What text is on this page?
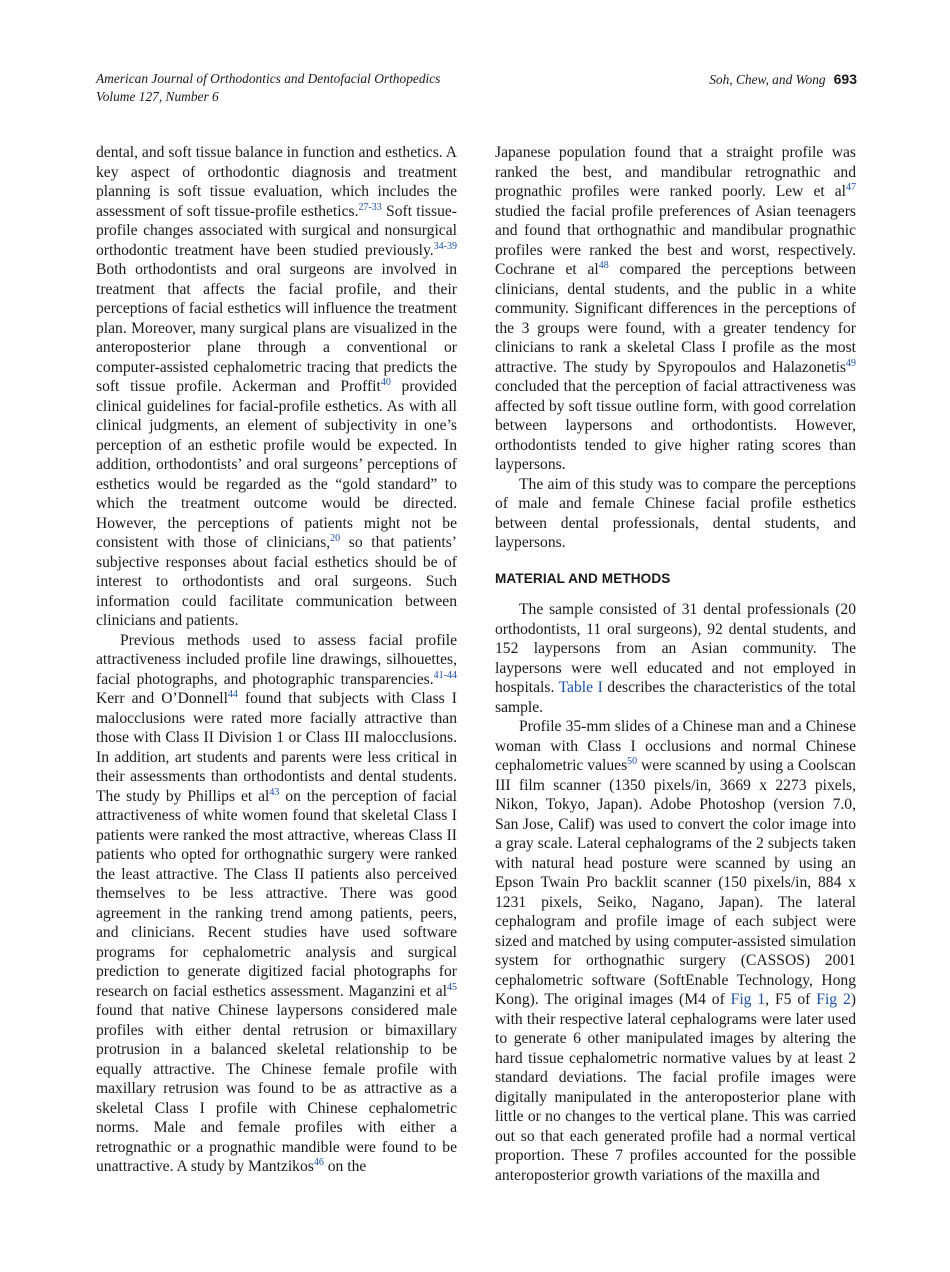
American Journal of Orthodontics and Dentofacial Orthopedics
Volume 127, Number 6
Soh, Chew, and Wong 693

dental, and soft tissue balance in function and esthetics. A key aspect of orthodontic diagnosis and treatment planning is soft tissue evaluation, which includes the assessment of soft tissue-profile esthetics.$^{27-33}$ Soft tissue-profile changes associated with surgical and nonsurgical orthodontic treatment have been studied previously.$^{34-39}$ Both orthodontists and oral surgeons are involved in treatment that affects the facial profile, and their perceptions of facial esthetics will influence the treatment plan. Moreover, many surgical plans are visualized in the anteroposterior plane through a conventional or computer-assisted cephalometric tracing that predicts the soft tissue profile. Ackerman and Proffit$^{40}$ provided clinical guidelines for facial-profile esthetics. As with all clinical judgments, an element of subjectivity in one’s perception of an esthetic profile would be expected. In addition, orthodontists’ and oral surgeons’ perceptions of esthetics would be regarded as the “gold standard” to which the treatment outcome would be directed. However, the perceptions of patients might not be consistent with those of clinicians,$^{20}$ so that patients’ subjective responses about facial esthetics should be of interest to orthodontists and oral surgeons. Such information could facilitate communication between clinicians and patients.

Previous methods used to assess facial profile attractiveness included profile line drawings, silhouettes, facial photographs, and photographic transparencies.$^{41-44}$ Kerr and O’Donnell$^{44}$ found that subjects with Class I malocclusions were rated more facially attractive than those with Class II Division 1 or Class III malocclusions. In addition, art students and parents were less critical in their assessments than orthodontists and dental students. The study by Phillips et $al^{43}$ on the perception of facial attractiveness of white women found that skeletal Class I patients were ranked the most attractive, whereas Class II patients who opted for orthognathic surgery were ranked the least attractive. The Class II patients also perceived themselves to be less attractive. There was good agreement in the ranking trend among patients, peers, and clinicians. Recent studies have used software programs for cephalometric analysis and surgical prediction to generate digitized facial photographs for research on facial esthetics assessment. Maganzini et $al^{45}$ found that native Chinese laypersons considered male profiles with either dental retrusion or bimaxillary protrusion in a balanced skeletal relationship to be equally attractive. The Chinese female profile with maxillary retrusion was found to be as attractive as a skeletal Class I profile with Chinese cephalometric norms. Male and female profiles with either a retrognathic or a prognathic mandible were found to be unattractive. A study by Mantzikos$^{46}$ on the

Japanese population found that a straight profile was ranked the best, and mandibular retrognathic and prognathic profiles were ranked poorly. Lew et $al^{47}$ studied the facial profile preferences of Asian teenagers and found that orthognathic and mandibular prognathic profiles were ranked the best and worst, respectively. Cochrane et $al^{48}$ compared the perceptions between clinicians, dental students, and the public in a white community. Significant differences in the perceptions of the 3 groups were found, with a greater tendency for clinicians to rank a skeletal Class I profile as the most attractive. The study by Spyropoulos and Halazonetis$^{49}$ concluded that the perception of facial attractiveness was affected by soft tissue outline form, with good correlation between laypersons and orthodontists. However, orthodontists tended to give higher rating scores than laypersons.

The aim of this study was to compare the perceptions of male and female Chinese facial profile esthetics between dental professionals, dental students, and laypersons.

MATERIAL AND METHODS

The sample consisted of 31 dental professionals (20 orthodontists, 11 oral surgeons), 92 dental students, and 152 laypersons from an Asian community. The laypersons were well educated and not employed in hospitals. Table I describes the characteristics of the total sample.

Profile 35-mm slides of a Chinese man and a Chinese woman with Class I occlusions and normal Chinese cephalometric values$^{50}$ were scanned by using a Coolscan III film scanner (1350 pixels/in, 3669 x 2273 pixels, Nikon, Tokyo, Japan). Adobe Photoshop (version 7.0, San Jose, Calif) was used to convert the color image into a gray scale. Lateral cephalograms of the 2 subjects taken with natural head posture were scanned by using an Epson Twain Pro backlit scanner (150 pixels/in, 884 x 1231 pixels, Seiko, Nagano, Japan). The lateral cephalogram and profile image of each subject were sized and matched by using computer-assisted simulation system for orthognathic surgery (CASSOS) 2001 cephalometric software (SoftEnable Technology, Hong Kong). The original images (M4 of Fig 1, F5 of Fig 2) with their respective lateral cephalograms were later used to generate 6 other manipulated images by altering the hard tissue cephalometric normative values by at least 2 standard deviations. The facial profile images were digitally manipulated in the anteroposterior plane with little or no changes to the vertical plane. This was carried out so that each generated profile had a normal vertical proportion. These 7 profiles accounted for the possible anteroposterior growth variations of the maxilla and
